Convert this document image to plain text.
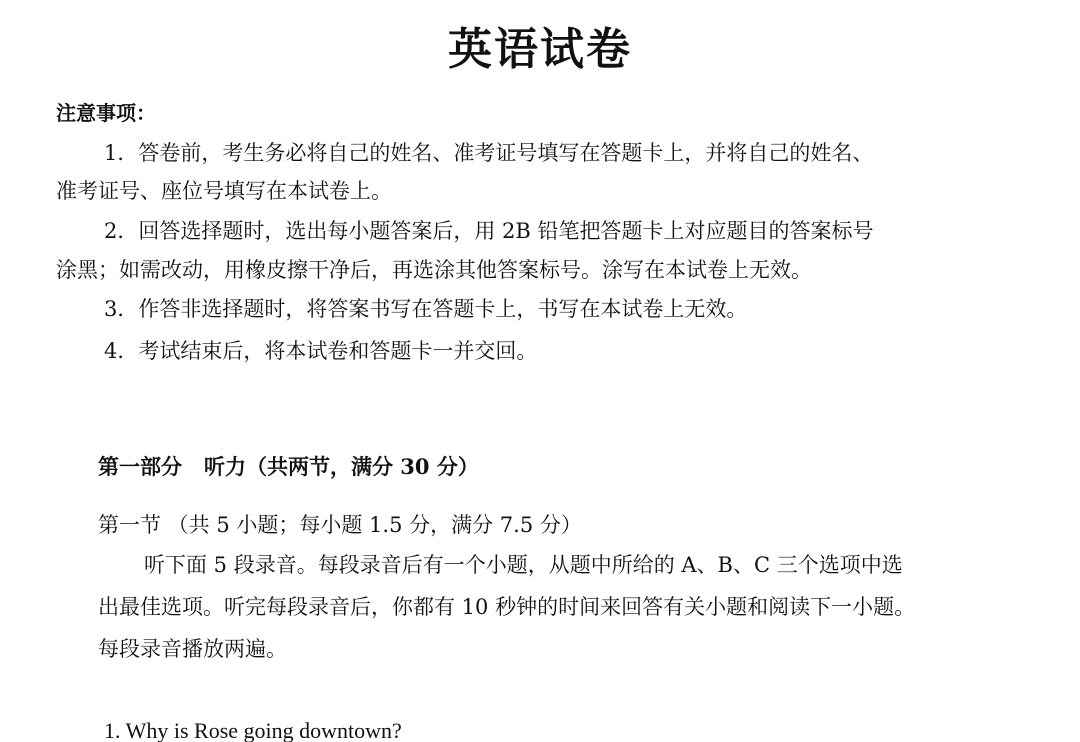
英语试卷
注意事项：
1．答卷前，考生务必将自己的姓名、准考证号填写在答题卡上，并将自己的姓名、
准考证号、座位号填写在本试卷上。
2．回答选择题时，选出每小题答案后，用 2B 铅笔把答题卡上对应题目的答案标号
涂黑；如需改动，用橡皮擦干净后，再选涂其他答案标号。涂写在本试卷上无效。
3．作答非选择题时，将答案书写在答题卡上，书写在本试卷上无效。
4．考试结束后，将本试卷和答题卡一并交回。
第一部分 听力（共两节，满分 30 分）
第一节 （共 5 小题；每小题 1.5 分，满分 7.5 分）
听下面 5 段录音。每段录音后有一个小题，从题中所给的 A、B、C 三个选项中选
出最佳选项。听完每段录音后，你都有 10 秒钟的时间来回答有关小题和阅读下一小题。
每段录音播放两遍。
1. Why is Rose going downtown?
